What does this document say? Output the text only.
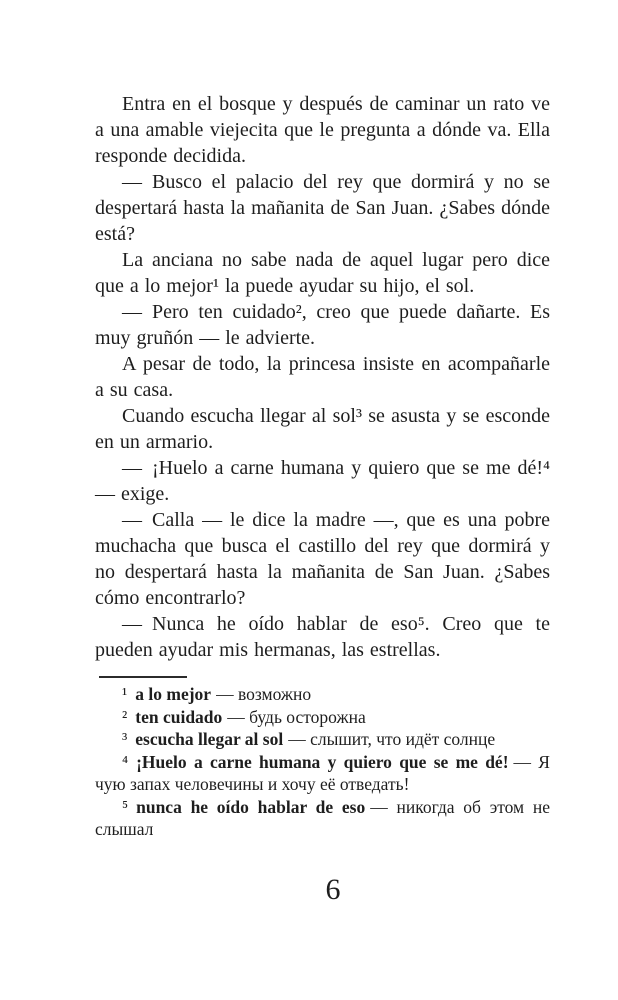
Entra en el bosque y después de caminar un rato ve a una amable viejecita que le pregunta a dónde va. Ella responde decidida.

— Busco el palacio del rey que dormirá y no se despertará hasta la mañanita de San Juan. ¿Sabes dónde está?

La anciana no sabe nada de aquel lugar pero dice que a lo mejor¹ la puede ayudar su hijo, el sol.

— Pero ten cuidado², creo que puede dañarte. Es muy gruñón — le advierte.

A pesar de todo, la princesa insiste en acompañarle a su casa.

Cuando escucha llegar al sol³ se asusta y se esconde en un armario.

— ¡Huelo a carne humana y quiero que se me dé!⁴ — exige.

— Calla — le dice la madre —, que es una pobre muchacha que busca el castillo del rey que dormirá y no despertará hasta la mañanita de San Juan. ¿Sabes cómo encontrarlo?

— Nunca he oído hablar de eso⁵. Creo que te pueden ayudar mis hermanas, las estrellas.

¹ a lo mejor — возможно

² ten cuidado — будь осторожна

³ escucha llegar al sol — слышит, что идёт солнце

⁴ ¡Huelo a carne humana y quiero que se me dé! — Я чую запах человечины и хочу её отведать!

⁵ nunca he oído hablar de eso — никогда об этом не слышал

6
